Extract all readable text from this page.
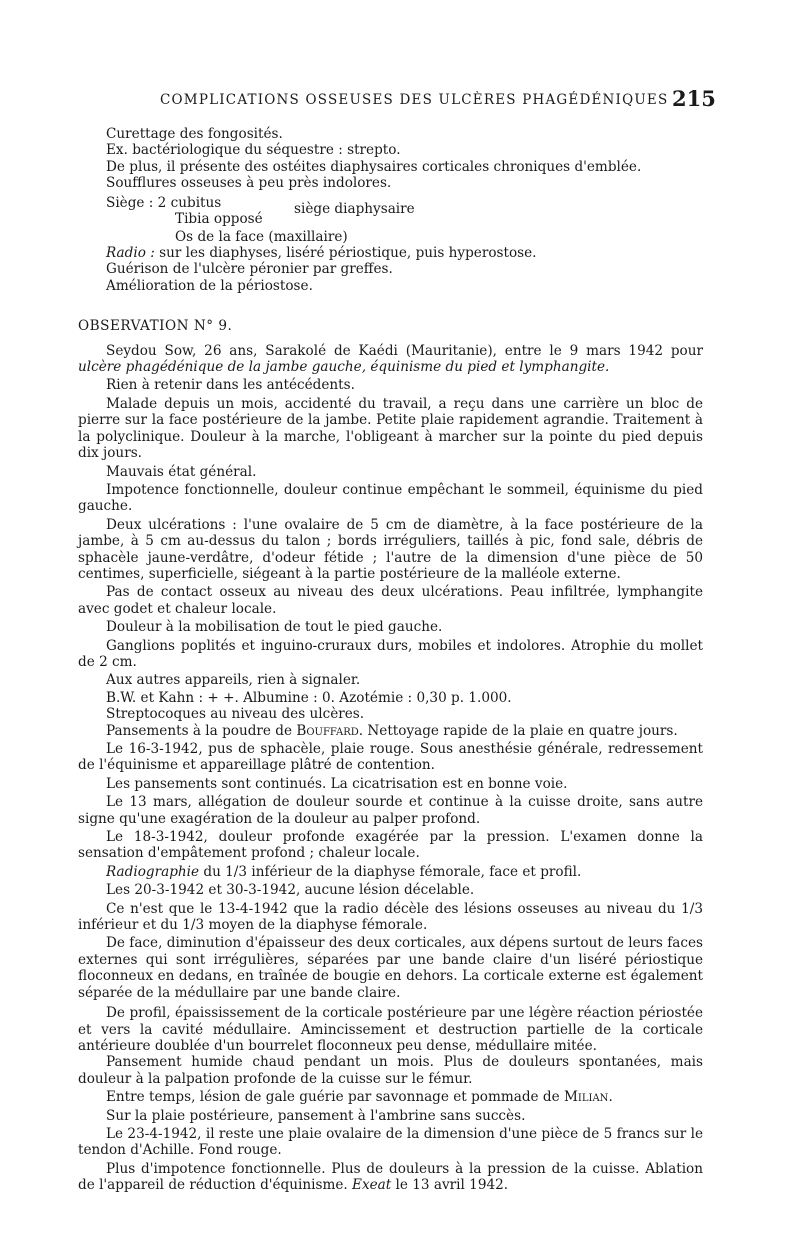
COMPLICATIONS OSSEUSES DES ULCÈRES PHAGÉDÉNIQUES 215

Curettage des fongosités.

Ex. bactériologique du séquestre : strepto.

De plus, il présente des ostéites diaphysaires corticales chroniques d'emblée.

Soufflures osseuses à peu près indolores.

Siège : 2 cubitus
Tibia opposé
siège diaphysaire

Os de la face (maxillaire)

Radio : sur les diaphyses, liséré périostique, puis hyperostose.

Guérison de l'ulcère péronier par greffes.

Amélioration de la périostose.

OBSERVATION N° 9.

Seydou Sow, 26 ans, Sarakolé de Kaédi (Mauritanie), entre le 9 mars 1942 pour ulcère phagédénique de la jambe gauche, équinisme du pied et lymphangite.

Rien à retenir dans les antécédents.

Malade depuis un mois, accidenté du travail, a reçu dans une carrière un bloc de pierre sur la face postérieure de la jambe. Petite plaie rapidement agrandie. Traitement à la polyclinique. Douleur à la marche, l'obligeant à marcher sur la pointe du pied depuis dix jours.

Mauvais état général.

Impotence fonctionnelle, douleur continue empêchant le sommeil, équinisme du pied gauche.

Deux ulcérations : l'une ovalaire de 5 cm de diamètre, à la face postérieure de la jambe, à 5 cm au-dessus du talon ; bords irréguliers, taillés à pic, fond sale, débris de sphacèle jaune-verdâtre, d'odeur fétide ; l'autre de la dimension d'une pièce de 50 centimes, superficielle, siégeant à la partie postérieure de la malléole externe.

Pas de contact osseux au niveau des deux ulcérations. Peau infiltrée, lymphangite avec godet et chaleur locale.

Douleur à la mobilisation de tout le pied gauche.

Ganglions poplités et inguino-cruraux durs, mobiles et indolores. Atrophie du mollet de 2 cm.

Aux autres appareils, rien à signaler.

B.W. et Kahn : + +. Albumine : 0. Azotémie : 0,30 p. 1.000.

Streptocoques au niveau des ulcères.

Pansements à la poudre de Bouffard. Nettoyage rapide de la plaie en quatre jours.

Le 16-3-1942, pus de sphacèle, plaie rouge. Sous anesthésie générale, redressement de l'équinisme et appareillage plâtré de contention.

Les pansements sont continués. La cicatrisation est en bonne voie.

Le 13 mars, allégation de douleur sourde et continue à la cuisse droite, sans autre signe qu'une exagération de la douleur au palper profond.

Le 18-3-1942, douleur profonde exagérée par la pression. L'examen donne la sensation d'empâtement profond ; chaleur locale.

Radiographie du 1/3 inférieur de la diaphyse fémorale, face et profil.

Les 20-3-1942 et 30-3-1942, aucune lésion décelable.

Ce n'est que le 13-4-1942 que la radio décèle des lésions osseuses au niveau du 1/3 inférieur et du 1/3 moyen de la diaphyse fémorale.

De face, diminution d'épaisseur des deux corticales, aux dépens surtout de leurs faces externes qui sont irrégulières, séparées par une bande claire d'un liséré périostique floconneux en dedans, en traînée de bougie en dehors. La corticale externe est également séparée de la médullaire par une bande claire.

De profil, épaississement de la corticale postérieure par une légère réaction périostée et vers la cavité médullaire. Amincissement et destruction partielle de la corticale antérieure doublée d'un bourrelet floconneux peu dense, médullaire mitée.

Pansement humide chaud pendant un mois. Plus de douleurs spontanées, mais douleur à la palpation profonde de la cuisse sur le fémur.

Entre temps, lésion de gale guérie par savonnage et pommade de Milian.

Sur la plaie postérieure, pansement à l'ambrine sans succès.

Le 23-4-1942, il reste une plaie ovalaire de la dimension d'une pièce de 5 francs sur le tendon d'Achille. Fond rouge.

Plus d'impotence fonctionnelle. Plus de douleurs à la pression de la cuisse. Ablation de l'appareil de réduction d'équinisme. Exeat le 13 avril 1942.
